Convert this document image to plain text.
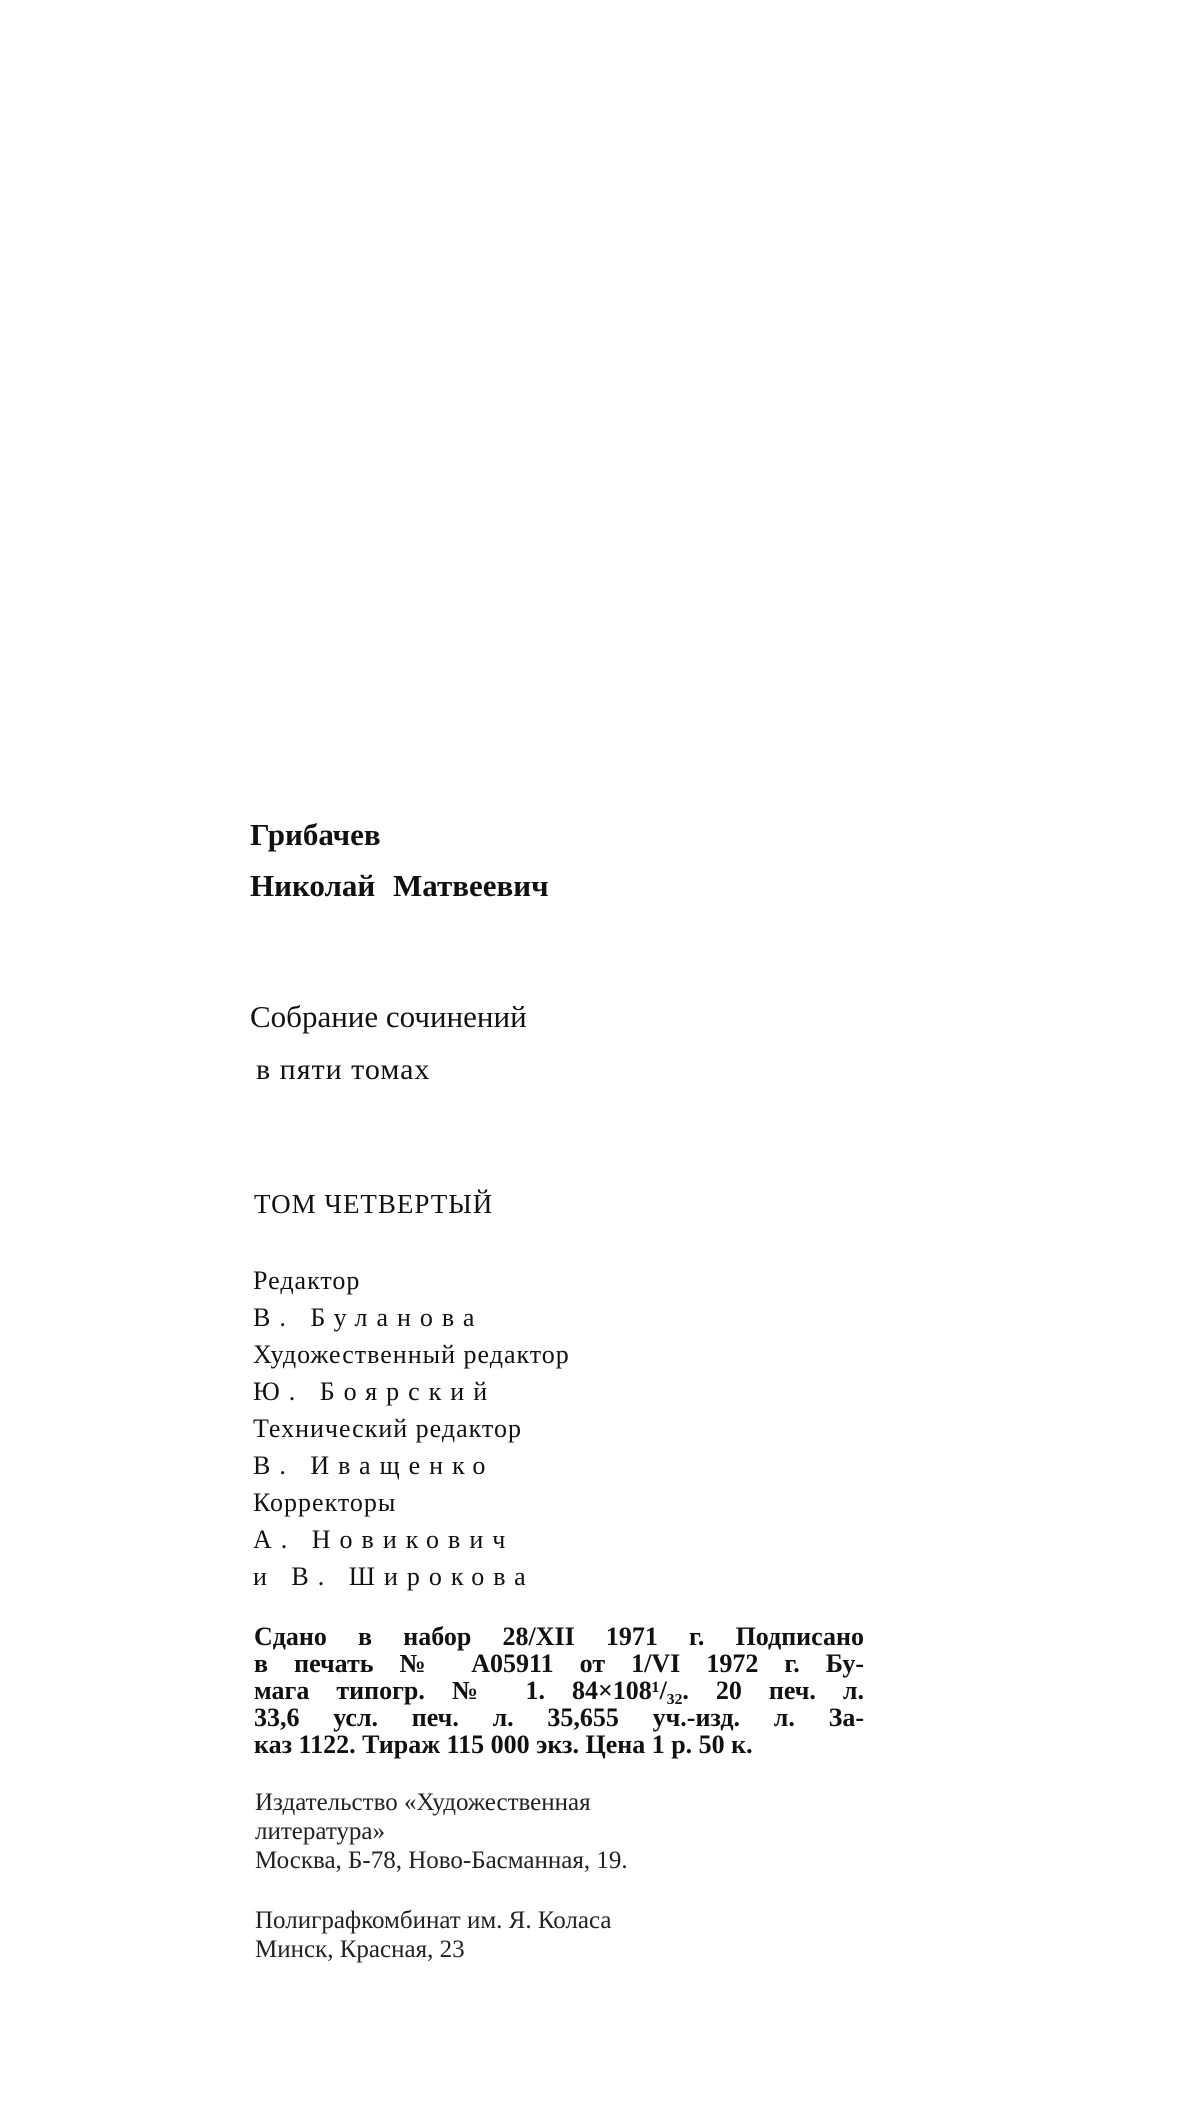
Грибачев
Николай Матвеевич
Собрание сочинений
в пяти томах
ТОМ ЧЕТВЕРТЫЙ
Редактор
В. Буланова
Художественный редактор
Ю. Боярский
Технический редактор
В. Иващенко
Корректоры
А. Новикович
и В. Широкова
Сдано в набор 28/XII 1971 г. Подписано
в печать № А05911 от 1/VI 1972 г. Бу-
мага типогр. № 1. 84×108¹/₃₂. 20 печ. л.
33,6 усл. печ. л. 35,655 уч.-изд. л. За-
каз 1122. Тираж 115 000 экз. Цена 1 р. 50 к.
Издательство «Художественная
литература»
Москва, Б-78, Ново-Басманная, 19.
Полиграфкомбинат им. Я. Коласа
Минск, Красная, 23
